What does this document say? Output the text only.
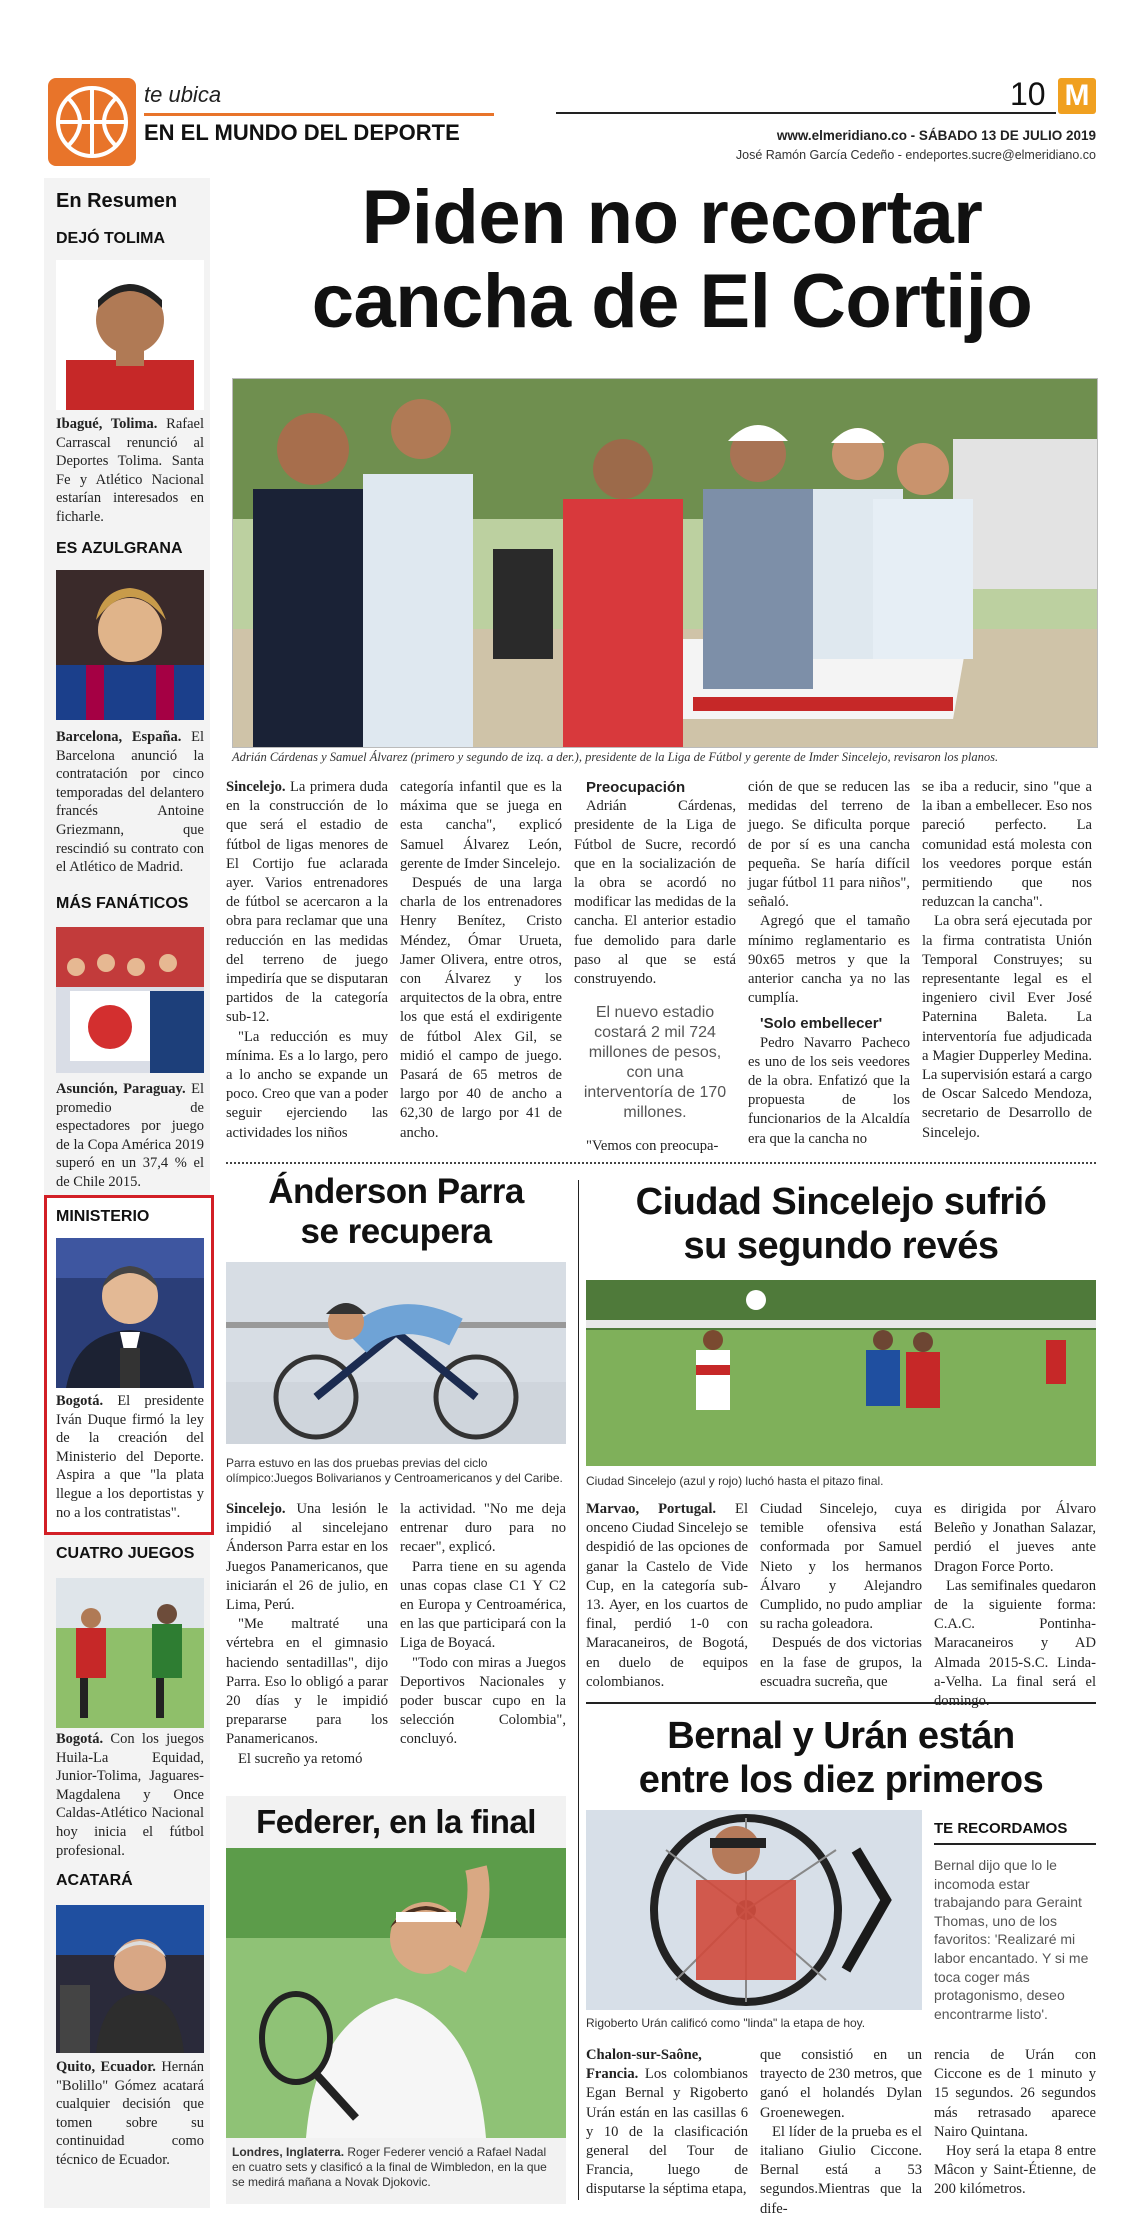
te ubica
EN EL MUNDO DEL DEPORTE
10 M
www.elmeridiano.co - SÁBADO 13 DE JULIO 2019
José Ramón García Cedeño - endeportes.sucre@elmeridiano.co
En Resumen
DEJÓ TOLIMA
Ibagué, Tolima. Rafael Carrascal renunció al Deportes Tolima. Santa Fe y Atlético Nacional estarían interesados en ficharle.
ES AZULGRANA
Barcelona, España. El Barcelona anunció la contratación por cinco temporadas del delantero francés Antoine Griezmann, que rescindió su contrato con el Atlético de Madrid.
MÁS FANÁTICOS
Asunción, Paraguay. El promedio de espectadores por juego de la Copa América 2019 superó en un 37,4 % el de Chile 2015.
MINISTERIO
Bogotá. El presidente Iván Duque firmó la ley de la creación del Ministerio del Deporte. Aspira a que "la plata llegue a los deportistas y no a los contratistas".
CUATRO JUEGOS
Bogotá. Con los juegos Huila-La Equidad, Junior-Tolima, Jaguares-Magdalena y Once Caldas-Atlético Nacional hoy inicia el fútbol profesional.
ACATARÁ
Quito, Ecuador. Hernán "Bolillo" Gómez acatará cualquier decisión que tomen sobre su continuidad como técnico de Ecuador.
Piden no recortar
cancha de El Cortijo
Adrián Cárdenas y Samuel Álvarez (primero y segundo de izq. a der.), presidente de la Liga de Fútbol y gerente de Imder Sincelejo, revisaron los planos.

Sincelejo. La primera duda en la construcción de lo que será el estadio de fútbol de ligas menores de El Cortijo fue aclarada ayer. Varios entrenadores de fútbol se acercaron a la obra para reclamar que una reducción en las medidas del terreno de juego impediría que se disputaran partidos de la categoría sub-12.

"La reducción es muy mínima. Es a lo largo, pero a lo ancho se expande un poco. Creo que van a poder seguir ejerciendo las actividades los niños

categoría infantil que es la máxima que se juega en esta cancha", explicó Samuel Álvarez León, gerente de Imder Sincelejo.

Después de una larga charla de los entrenadores Henry Benítez, Cristo Méndez, Ómar Urueta, Jamer Olivera, entre otros, con Álvarez y los arquitectos de la obra, entre los que está el exdirigente de fútbol Alex Gil, se midió el campo de juego. Pasará de 65 metros de largo por 40 de ancho a 62,30 de largo por 41 de ancho.

Preocupación

Adrián Cárdenas, presidente de la Liga de Fútbol de Sucre, recordó que en la socialización de la obra se acordó no modificar las medidas de la cancha. El anterior estadio fue demolido para darle paso al que se está construyendo.

El nuevo estadio costará 2 mil 724 millones de pesos, con una interventoría de 170 millones.

"Vemos con preocupa-

ción de que se reducen las medidas del terreno de juego. Se dificulta porque de por sí es una cancha pequeña. Se haría difícil jugar fútbol 11 para niños", señaló.

Agregó que el tamaño mínimo reglamentario es 90x65 metros y que la anterior cancha ya no las cumplía.

'Solo embellecer'

Pedro Navarro Pacheco es uno de los seis veedores de la obra. Enfatizó que la propuesta de los funcionarios de la Alcaldía era que la cancha no

se iba a reducir, sino "que a la iban a embellecer. Eso nos pareció perfecto. La comunidad está molesta con los veedores porque están permitiendo que nos reduzcan la cancha".

La obra será ejecutada por la firma contratista Unión Temporal Construyes; su representante legal es el ingeniero civil Ever José Paternina Baleta. La interventoría fue adjudicada a Magier Dupperley Medina. La supervisión estará a cargo de Oscar Salcedo Mendoza, secretario de Desarrollo de Sincelejo.

Ánderson Parra
se recupera
Parra estuvo en las dos pruebas previas del ciclo olímpico:Juegos Bolivarianos y Centroamericanos y del Caribe.

Sincelejo. Una lesión le impidió al sincelejano Ánderson Parra estar en los Juegos Panamericanos, que iniciarán el 26 de julio, en Lima, Perú.

"Me maltraté una vértebra en el gimnasio haciendo sentadillas", dijo Parra. Eso lo obligó a parar 20 días y le impidió prepararse para los Panamericanos.

El sucreño ya retomó

la actividad. "No me deja entrenar duro para no recaer", explicó.

Parra tiene en su agenda unas copas clase C1 Y C2 en Europa y Centroamérica, en las que participará con la Liga de Boyacá.

"Todo con miras a Juegos Deportivos Nacionales y poder buscar cupo en la selección Colombia", concluyó.

Ciudad Sincelejo sufrió
su segundo revés
Ciudad Sincelejo (azul y rojo) luchó hasta el pitazo final.

Marvao, Portugal. El onceno Ciudad Sincelejo se despidió de las opciones de ganar la Castelo de Vide Cup, en la categoría sub-13. Ayer, en los cuartos de final, perdió 1-0 con Maracaneiros, de Bogotá, en duelo de equipos colombianos.

Ciudad Sincelejo, cuya temible ofensiva está conformada por Samuel Nieto y los hermanos Álvaro y Alejandro Cumplido, no pudo ampliar su racha goleadora.

Después de dos victorias en la fase de grupos, la escuadra sucreña, que

es dirigida por Álvaro Beleño y Jonathan Salazar, perdió el jueves ante Dragon Force Porto.

Las semifinales quedaron de la siguiente forma: C.A.C. Pontinha-Maracaneiros y AD Almada 2015-S.C. Linda-a-Velha. La final será el

Federer, en la final
Londres, Inglaterra. Roger Federer venció a Rafael Nadal en cuatro sets y clasificó a la final de Wimbledon, en la que se medirá mañana a Novak Djokovic.
Bernal y Urán están
entre los diez primeros
Rigoberto Urán calificó como "linda" la etapa de hoy.
TE RECORDAMOS
Bernal dijo que lo le incomoda estar trabajando para Geraint Thomas, uno de los favoritos: 'Realizaré mi labor encantado. Y si me toca coger más protagonismo, deseo encontrarme listo'.

Chalon-sur-Saône, Francia. Los colombianos Egan Bernal y Rigoberto Urán están en las casillas 6 y 10 de la clasificación general del Tour de Francia, luego de disputarse la séptima etapa,

que consistió en un trayecto de 230 metros, que ganó el holandés Dylan Groenewegen.

El líder de la prueba es el italiano Giulio Ciccone. Bernal está a 53 segundos.Mientras que la dife-

rencia de Urán con Ciccone es de 1 minuto y 15 segundos. 26 segundos más retrasado aparece Nairo Quintana.

Hoy será la etapa 8 entre Mâcon y Saint-Étienne, de 200 kilómetros.
